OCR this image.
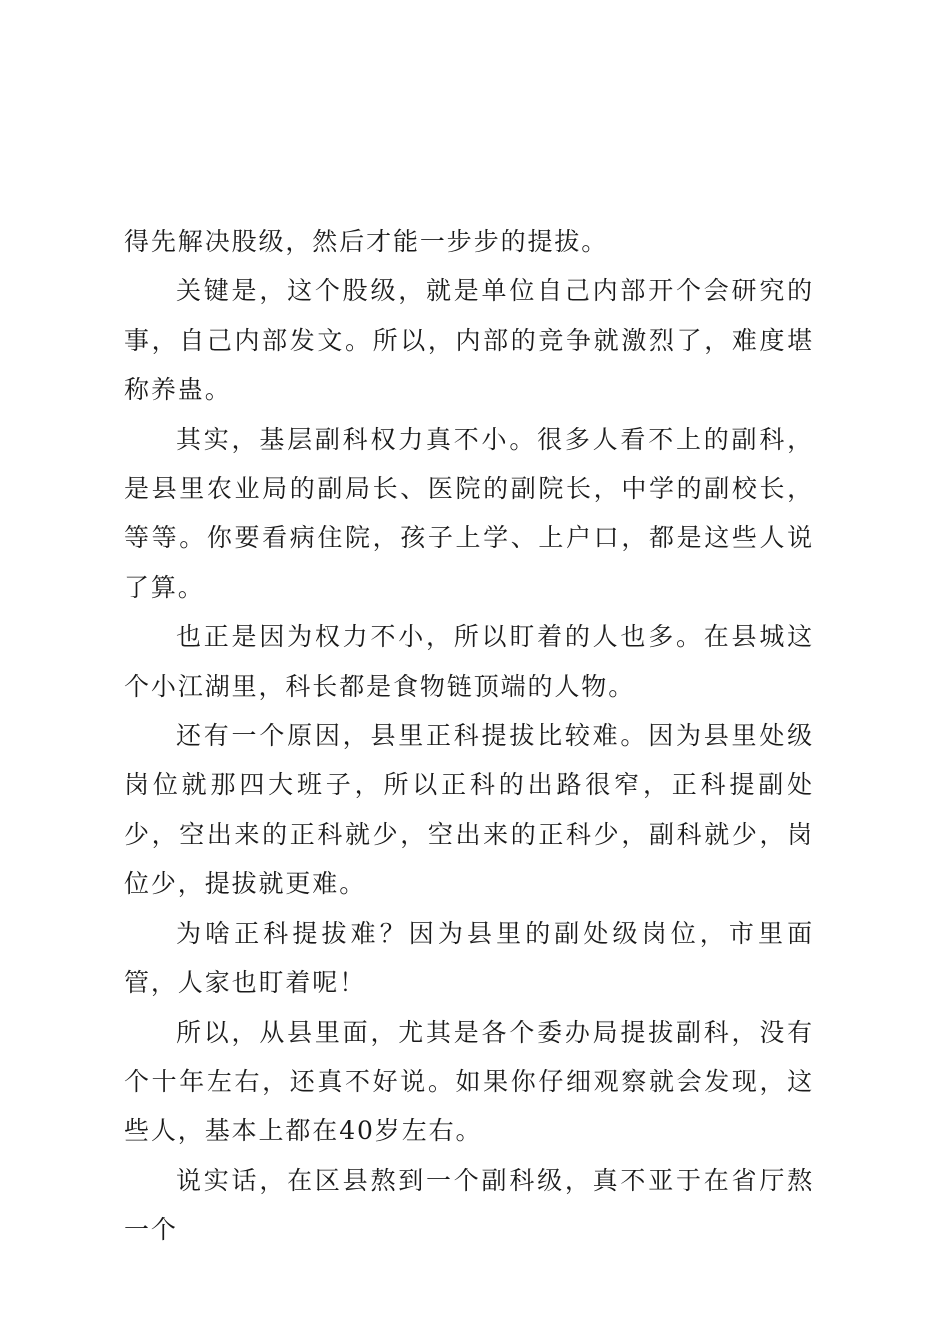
得先解决股级，然后才能一步步的提拔。

关键是，这个股级，就是单位自己内部开个会研究的事，自己内部发文。所以，内部的竞争就激烈了，难度堪称养蛊。

其实，基层副科权力真不小。很多人看不上的副科，是县里农业局的副局长、医院的副院长，中学的副校长，等等。你要看病住院，孩子上学、上户口，都是这些人说了算。

也正是因为权力不小，所以盯着的人也多。在县城这个小江湖里，科长都是食物链顶端的人物。

还有一个原因，县里正科提拔比较难。因为县里处级岗位就那四大班子，所以正科的出路很窄，正科提副处少，空出来的正科就少，空出来的正科少，副科就少，岗位少，提拔就更难。

为啥正科提拔难？因为县里的副处级岗位，市里面管，人家也盯着呢！

所以，从县里面，尤其是各个委办局提拔副科，没有个十年左右，还真不好说。如果你仔细观察就会发现，这些人，基本上都在40岁左右。

说实话，在区县熬到一个副科级，真不亚于在省厅熬一个
